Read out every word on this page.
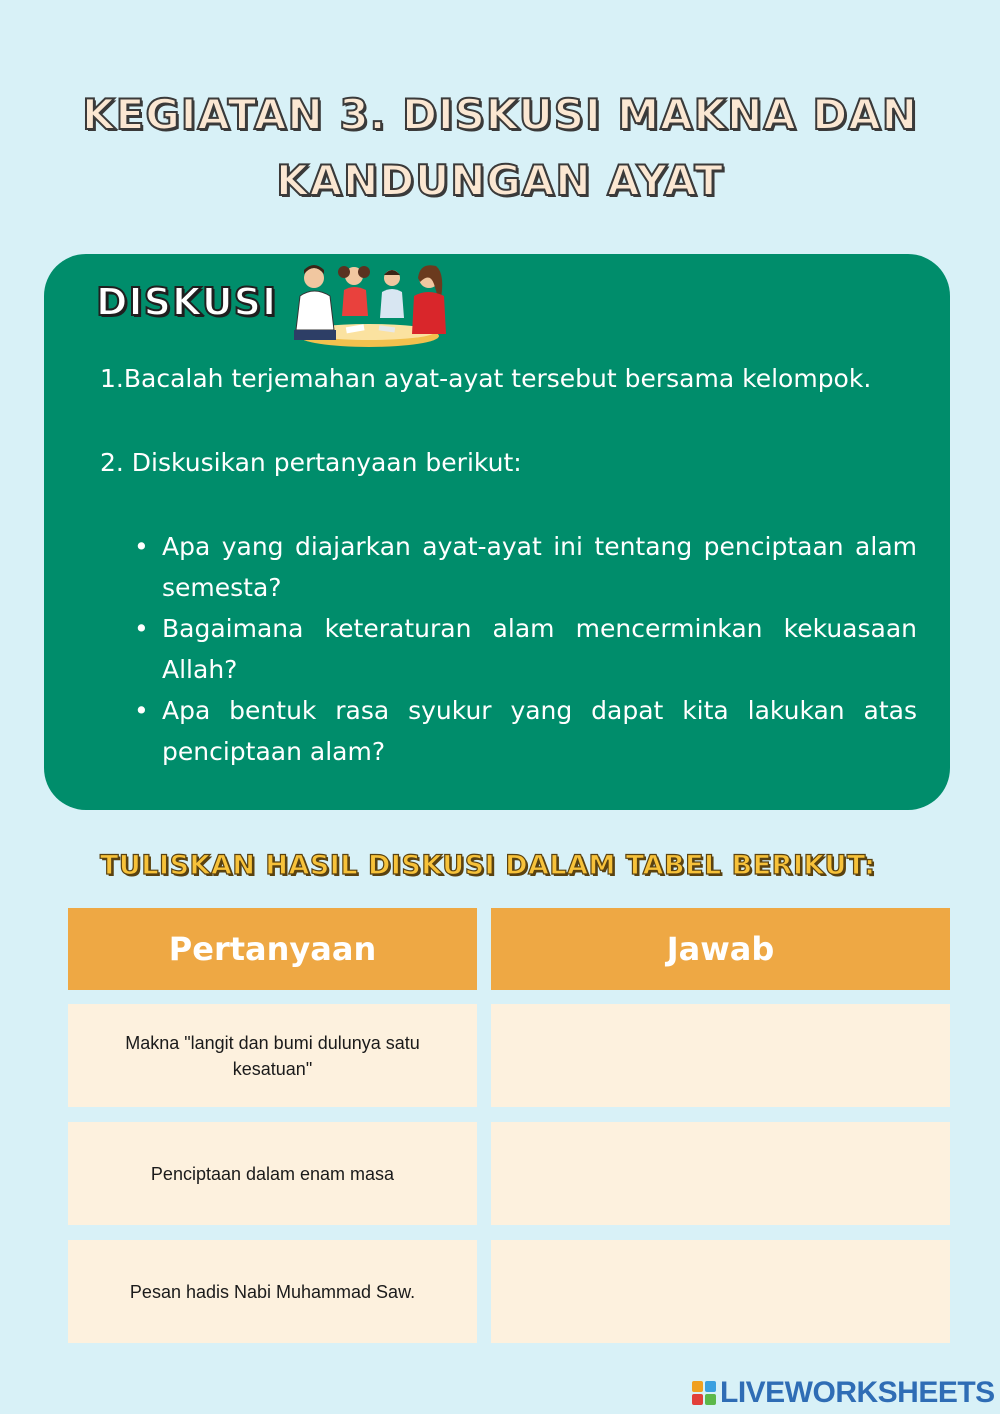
KEGIATAN 3. DISKUSI MAKNA DAN
KANDUNGAN AYAT
DISKUSI
1.Bacalah terjemahan ayat-ayat tersebut bersama kelompok.
2. Diskusikan pertanyaan berikut:
• Apa yang diajarkan ayat-ayat ini tentang penciptaan alam semesta?
• Bagaimana keteraturan alam mencerminkan kekuasaan Allah?
• Apa bentuk rasa syukur yang dapat kita lakukan atas penciptaan alam?
TULISKAN HASIL DISKUSI DALAM TABEL BERIKUT:
Pertanyaan	Jawab
Makna "langit dan bumi dulunya satu kesatuan"
Penciptaan dalam enam masa
Pesan hadis Nabi Muhammad Saw.
LIVEWORKSHEETS
